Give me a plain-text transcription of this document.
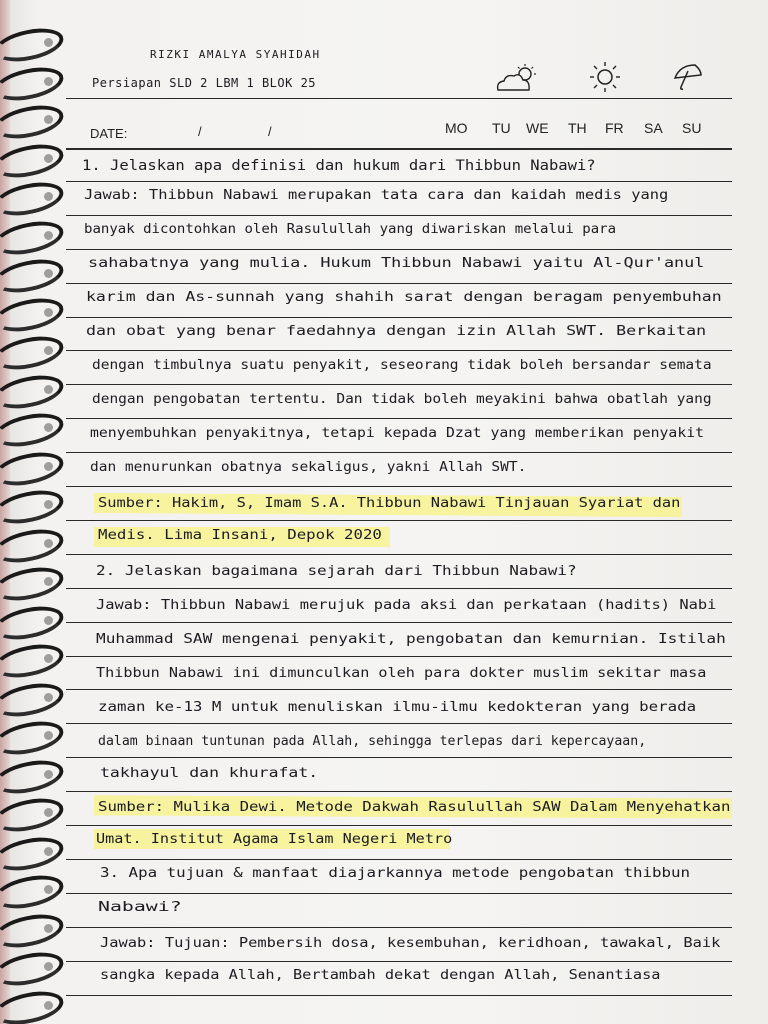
RIZKI AMALYA SYAHIDAH
Persiapan SLD 2 LBM 1 BLOK 25
DATE:	/	/	MO TU WE TH FR SA SU
1. Jelaskan apa definisi dan hukum dari Thibbun Nabawi?
Jawab: Thibbun Nabawi merupakan tata cara dan kaidah medis yang
banyak dicontohkan oleh Rasulullah yang diwariskan melalui para
sahabatnya yang mulia. Hukum Thibbun Nabawi yaitu Al-Qur'anul
karim dan As-sunnah yang shahih sarat dengan beragam penyembuhan
dan obat yang benar faedahnya dengan izin Allah SWT. Berkaitan
dengan timbulnya suatu penyakit, seseorang tidak boleh bersandar semata
dengan pengobatan tertentu. Dan tidak boleh meyakini bahwa obatlah yang
menyembuhkan penyakitnya, tetapi kepada Dzat yang memberikan penyakit
dan menurunkan obatnya sekaligus, yakni Allah SWT.
Sumber: Hakim, S, Imam S.A. Thibbun Nabawi Tinjauan Syariat dan
Medis. Lima Insani, Depok 2020
2. Jelaskan bagaimana sejarah dari Thibbun Nabawi?
Jawab: Thibbun Nabawi merujuk pada aksi dan perkataan (hadits) Nabi
Muhammad SAW mengenai penyakit, pengobatan dan kemurnian. Istilah
Thibbun Nabawi ini dimunculkan oleh para dokter muslim sekitar masa
zaman ke-13 M untuk menuliskan ilmu-ilmu kedokteran yang berada
dalam binaan tuntunan pada Allah, sehingga terlepas dari kepercayaan,
takhayul dan khurafat.
Sumber: Mulika Dewi. Metode Dakwah Rasulullah SAW Dalam Menyehatkan
Umat. Institut Agama Islam Negeri Metro
3. Apa tujuan & manfaat diajarkannya metode pengobatan thibbun
Nabawi?
Jawab: Tujuan: Pembersih dosa, kesembuhan, keridhoan, tawakal, Baik
sangka kepada Allah, Bertambah dekat dengan Allah, Senantiasa
